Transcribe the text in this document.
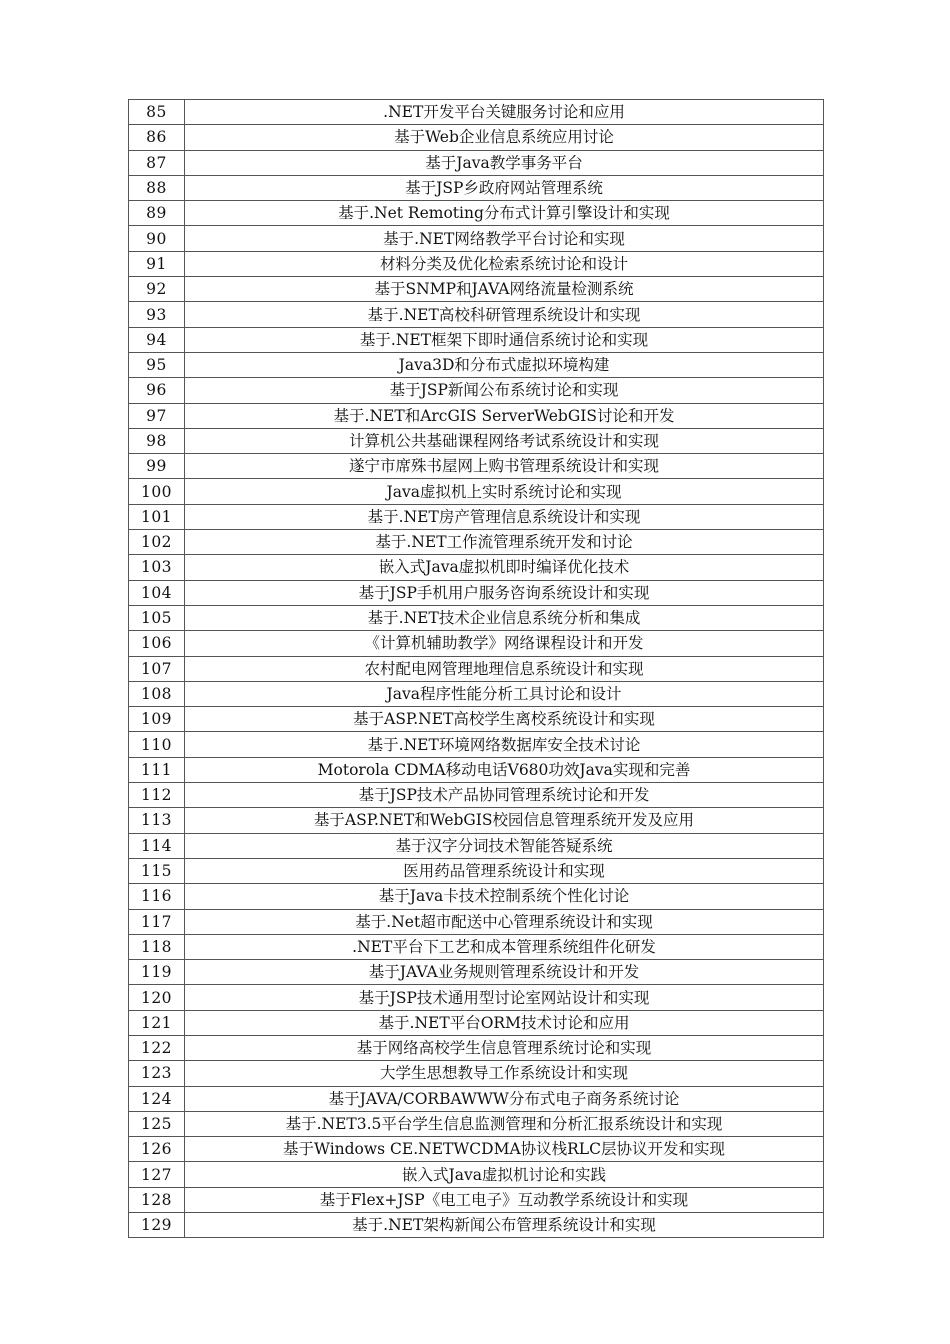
85	.NET开发平台关键服务讨论和应用
86	基于Web企业信息系统应用讨论
87	基于Java教学事务平台
88	基于JSP乡政府网站管理系统
89	基于.Net Remoting分布式计算引擎设计和实现
90	基于.NET网络教学平台讨论和实现
91	材料分类及优化检索系统讨论和设计
92	基于SNMP和JAVA网络流量检测系统
93	基于.NET高校科研管理系统设计和实现
94	基于.NET框架下即时通信系统讨论和实现
95	Java3D和分布式虚拟环境构建
96	基于JSP新闻公布系统讨论和实现
97	基于.NET和ArcGIS ServerWebGIS讨论和开发
98	计算机公共基础课程网络考试系统设计和实现
99	遂宁市席殊书屋网上购书管理系统设计和实现
100	Java虚拟机上实时系统讨论和实现
101	基于.NET房产管理信息系统设计和实现
102	基于.NET工作流管理系统开发和讨论
103	嵌入式Java虚拟机即时编译优化技术
104	基于JSP手机用户服务咨询系统设计和实现
105	基于.NET技术企业信息系统分析和集成
106	《计算机辅助教学》网络课程设计和开发
107	农村配电网管理地理信息系统设计和实现
108	Java程序性能分析工具讨论和设计
109	基于ASP.NET高校学生离校系统设计和实现
110	基于.NET环境网络数据库安全技术讨论
111	Motorola CDMA移动电话V680功效Java实现和完善
112	基于JSP技术产品协同管理系统讨论和开发
113	基于ASP.NET和WebGIS校园信息管理系统开发及应用
114	基于汉字分词技术智能答疑系统
115	医用药品管理系统设计和实现
116	基于Java卡技术控制系统个性化讨论
117	基于.Net超市配送中心管理系统设计和实现
118	.NET平台下工艺和成本管理系统组件化研发
119	基于JAVA业务规则管理系统设计和开发
120	基于JSP技术通用型讨论室网站设计和实现
121	基于.NET平台ORM技术讨论和应用
122	基于网络高校学生信息管理系统讨论和实现
123	大学生思想教导工作系统设计和实现
124	基于JAVA/CORBAWWW分布式电子商务系统讨论
125	基于.NET3.5平台学生信息监测管理和分析汇报系统设计和实现
126	基于Windows CE.NETWCDMA协议栈RLC层协议开发和实现
127	嵌入式Java虚拟机讨论和实践
128	基于Flex+JSP《电工电子》互动教学系统设计和实现
129	基于.NET架构新闻公布管理系统设计和实现
